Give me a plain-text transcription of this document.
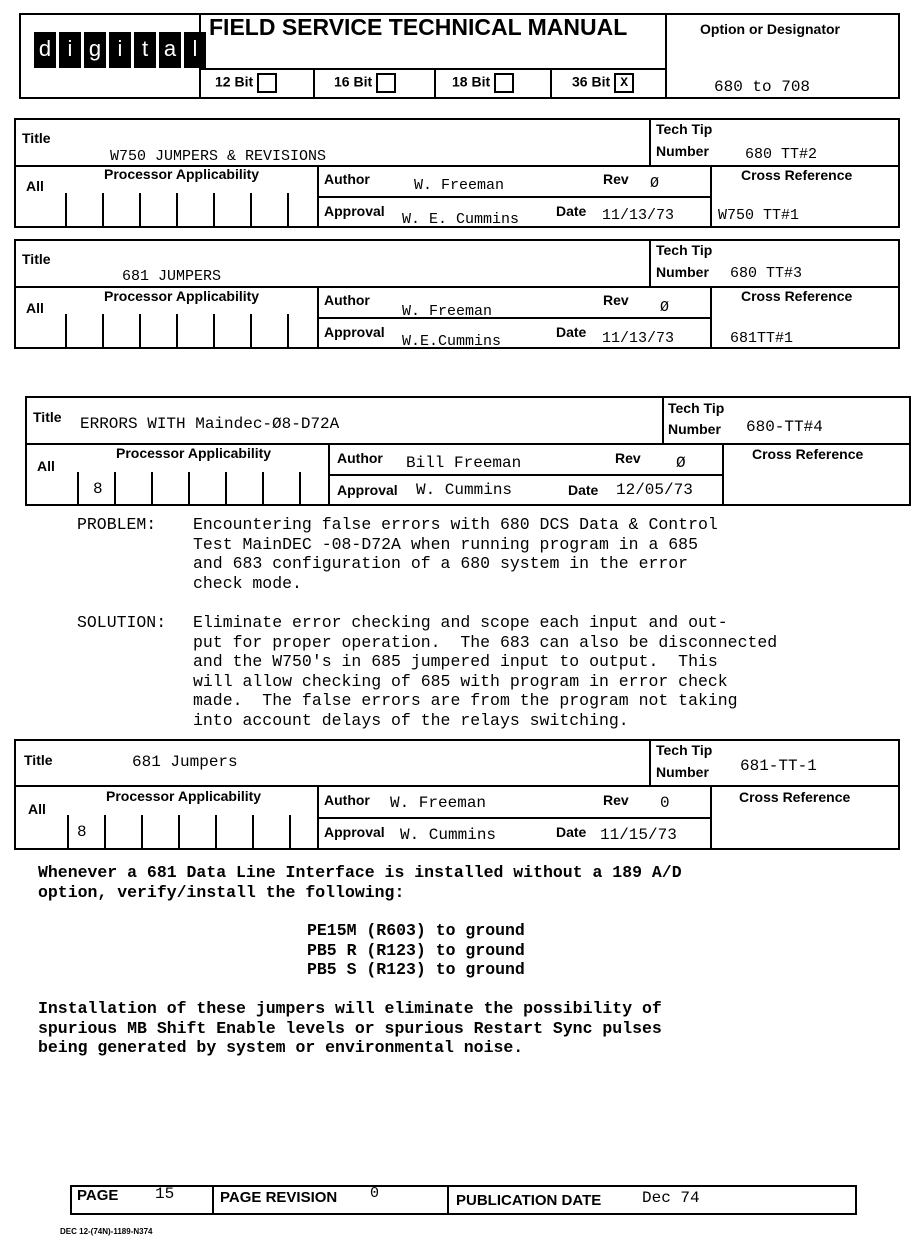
d i g i t a l
FIELD SERVICE TECHNICAL MANUAL
12 Bit	16 Bit	18 Bit	36 Bit X
Option or Designator
680 to 708
Title
W750 JUMPERS & REVISIONS
Tech Tip
Number 680 TT#2
All
Processor Applicability	Author	W. Freeman	Rev Ø
Approval W. E. Cummins	Date 11/13/73
Cross Reference
W750 TT#1
Title
681 JUMPERS
Tech Tip
Number 680 TT#3
All
Processor Applicability	Author
W. Freeman
Rev Ø
Approval
W.E.Cummins
Date 11/13/73
Cross Reference
681TT#1
Title ERRORS WITH Maindec-Ø8-D72A
Tech Tip
Number 680-TT#4
All
8
Processor Applicability	Author Bill Freeman	Rev Ø
Approval W. Cummins	Date 12/05/73
Cross Reference
PROBLEM: Encountering false errors with 680 DCS Data & Control
Test MainDEC -08-D72A when running program in a 685
and 683 configuration of a 680 system in the error
check mode.
SOLUTION: Eliminate error checking and scope each input and out-
put for proper operation.  The 683 can also be disconnected
and the W750's in 685 jumpered input to output.  This
will allow checking of 685 with program in error check
made.  The false errors are from the program not taking
into account delays of the relays switching.
Title	681 Jumpers
Tech Tip
Number 681-TT-1
All
8
Processor Applicability	Author W. Freeman	Rev 0
Approval W. Cummins	Date 11/15/73
Cross Reference
Whenever a 681 Data Line Interface is installed without a 189 A/D
option, verify/install the following:
PE15M (R603) to ground
PB5 R (R123) to ground
PB5 S (R123) to ground
Installation of these jumpers will eliminate the possibility of
spurious MB Shift Enable levels or spurious Restart Sync pulses
being generated by system or environmental noise.
PAGE 15	PAGE REVISION 0	PUBLICATION DATE	Dec 74
DEC 12-(74N)-1189-N374
